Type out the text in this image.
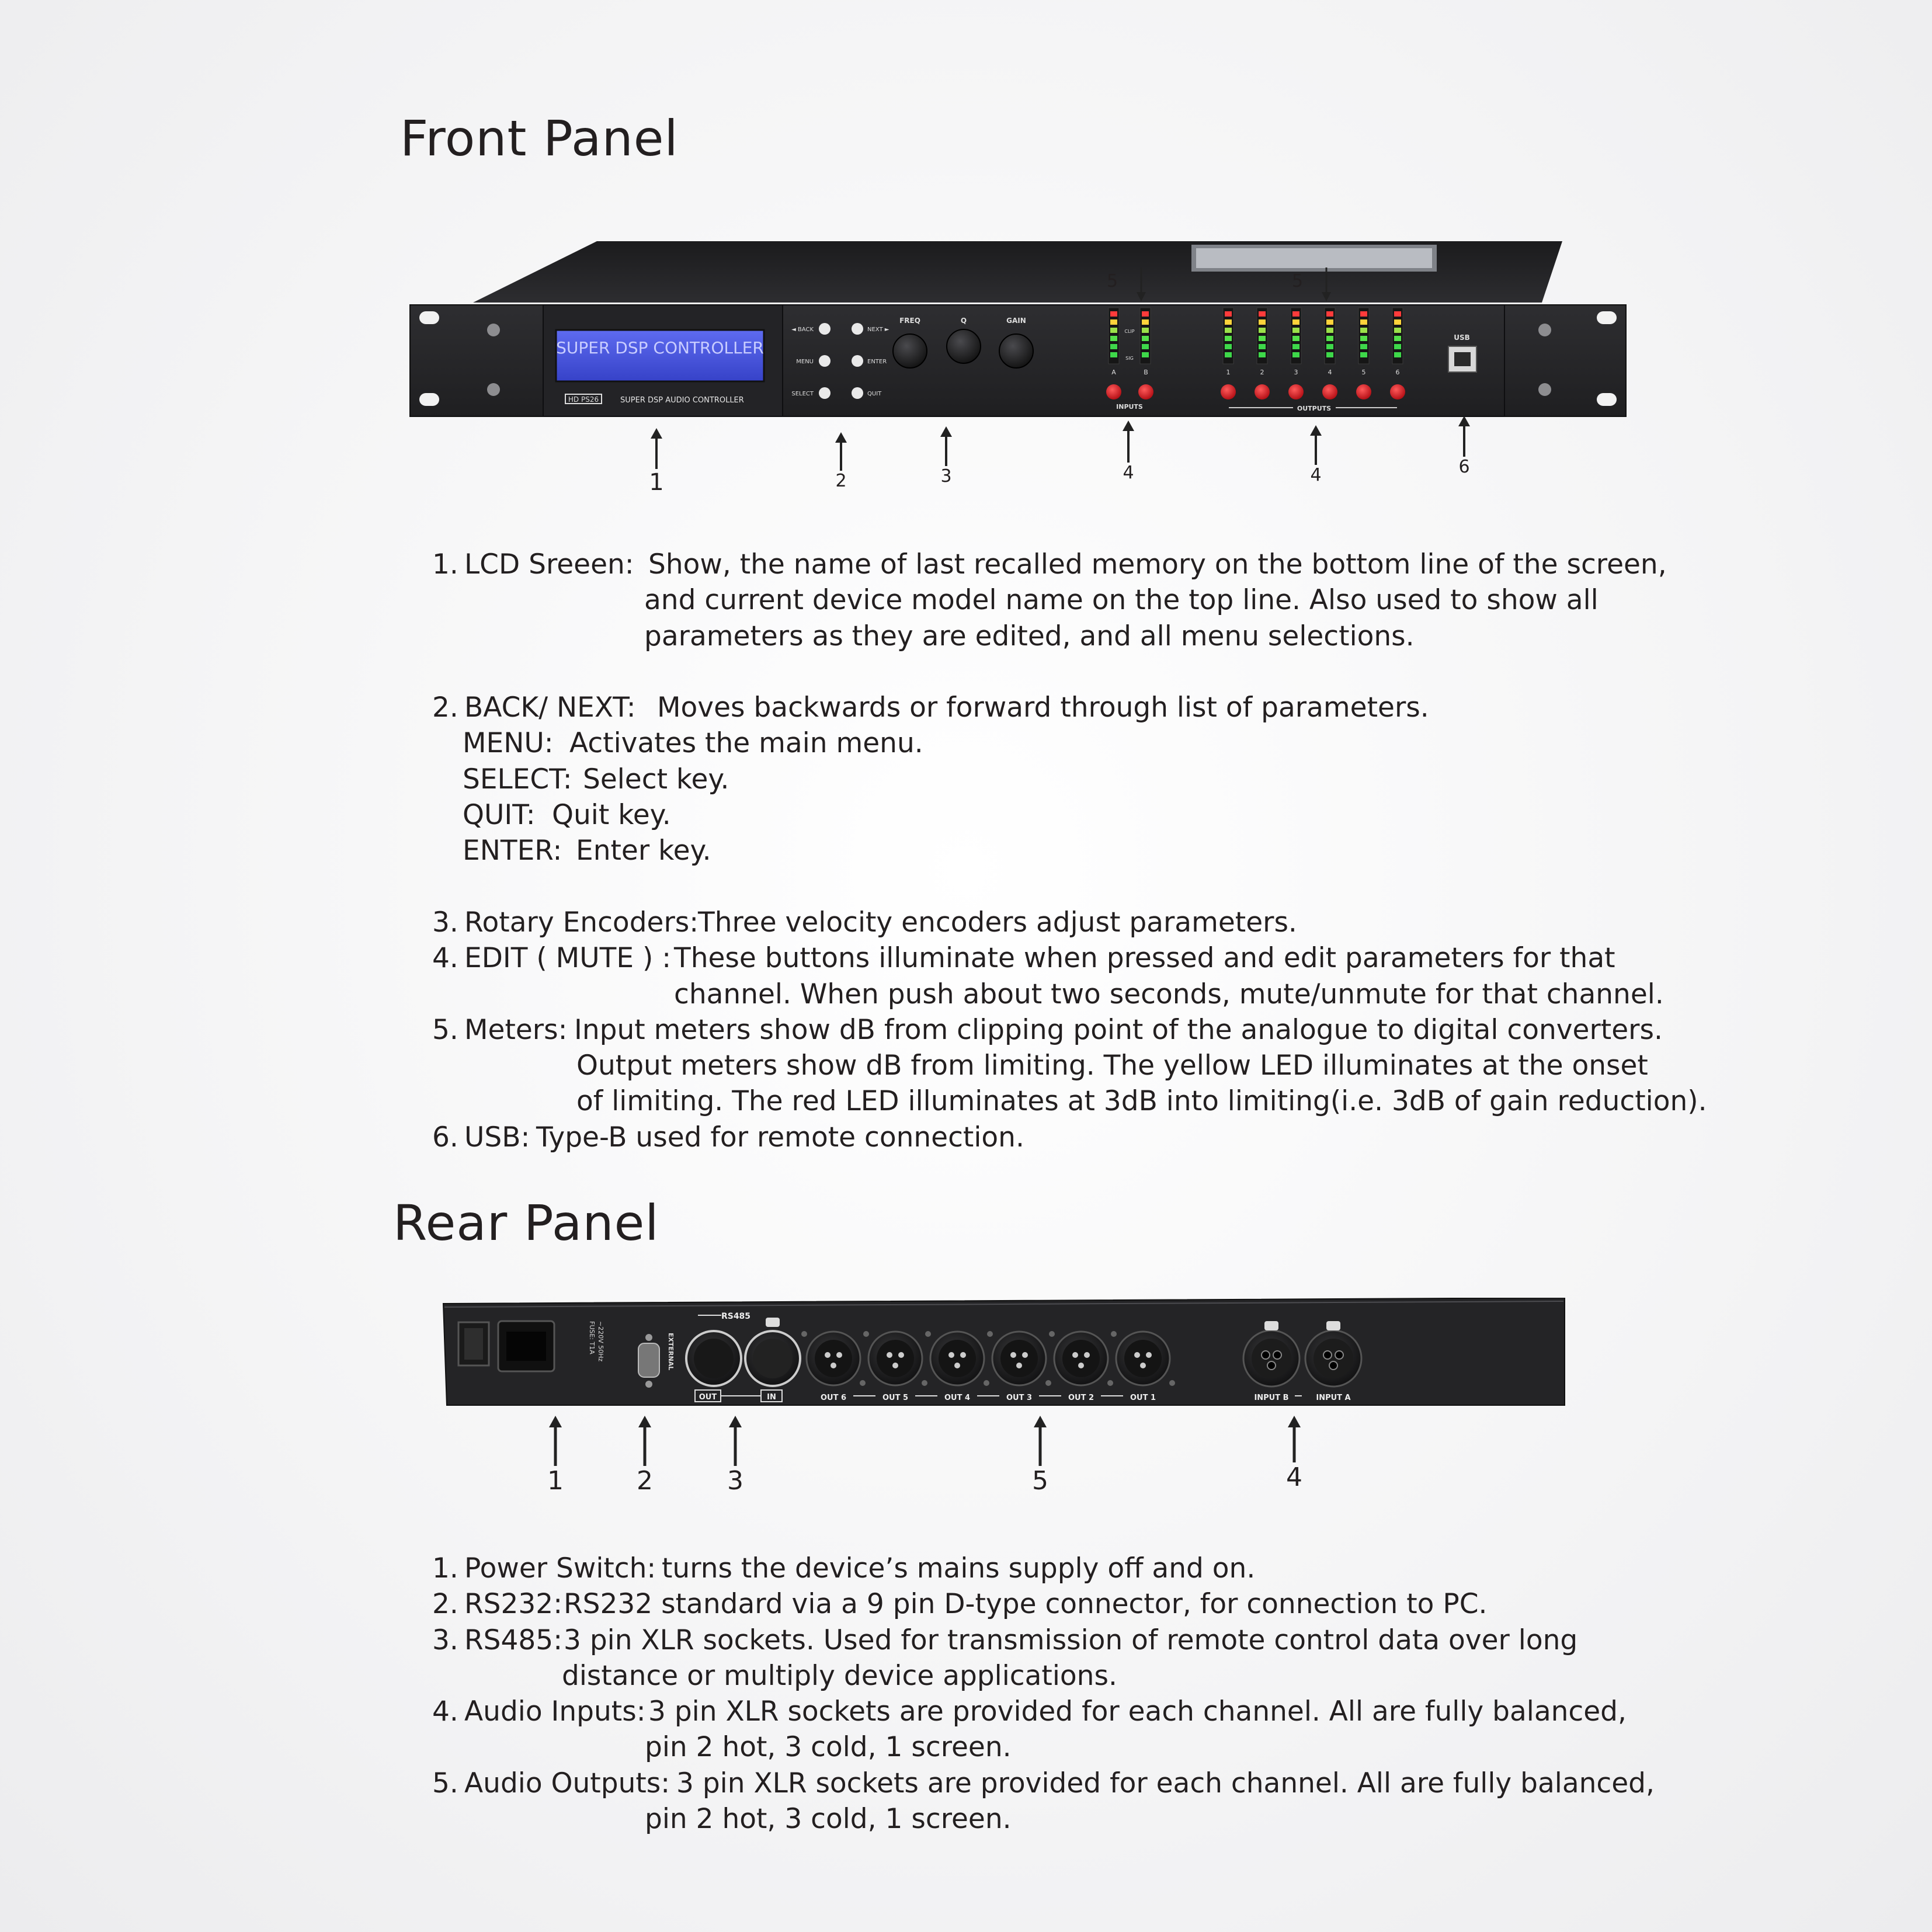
Front Panel
SUPER DSP CONTROLLER
HD PS26	SUPER DSP AUDIO CONTROLLER
◄ BACK	NEXT ►
MENU	ENTER
SELECT	QUIT
FREQ	Q	GAIN
CLIP
SIG
A	B
INPUTS
1	2	3	4	5	6
OUTPUTS
USB
5	5
1	2	3	4	4	6
1. LCD Sreeen: Show, the name of last recalled memory on the bottom line of the screen,
and current device model name on the top line. Also used to show all
parameters as they are edited, and all menu selections.
2. BACK/ NEXT: Moves backwards or forward through list of parameters.
MENU: Activates the main menu.
SELECT: Select key.
QUIT: Quit key.
ENTER: Enter key.
3. Rotary Encoders:
Three velocity encoders adjust parameters.
4. EDIT ( MUTE ) : These buttons illuminate when pressed and edit parameters for that
channel. When push about two seconds, mute/unmute for that channel.
5. Meters: Input meters show dB from clipping point of the analogue to digital converters.
Output meters show dB from limiting. The yellow LED illuminates at the onset
of limiting. The red LED illuminates at 3dB into limiting(i.e. 3dB of gain reduction).
6. USB: Type-B used for remote connection.
Rear Panel
~220V 50Hz
FUSE: T1A	EXTERNAL
RS485
OUT	IN	OUT 6	OUT 5	OUT 4	OUT 3	OUT 2	OUT 1	INPUT B	INPUT A
1	2	3	5	4
1. Power Switch: turns the device’s mains supply off and on.
2. RS232: RS232 standard via a 9 pin D-type connector, for connection to PC.
3. RS485: 3 pin XLR sockets. Used for transmission of remote control data over long
distance or multiply device applications.
4. Audio Inputs: 3 pin XLR sockets are provided for each channel. All are fully balanced,
pin 2 hot, 3 cold, 1 screen.
5. Audio Outputs: 3 pin XLR sockets are provided for each channel. All are fully balanced,
pin 2 hot, 3 cold, 1 screen.
